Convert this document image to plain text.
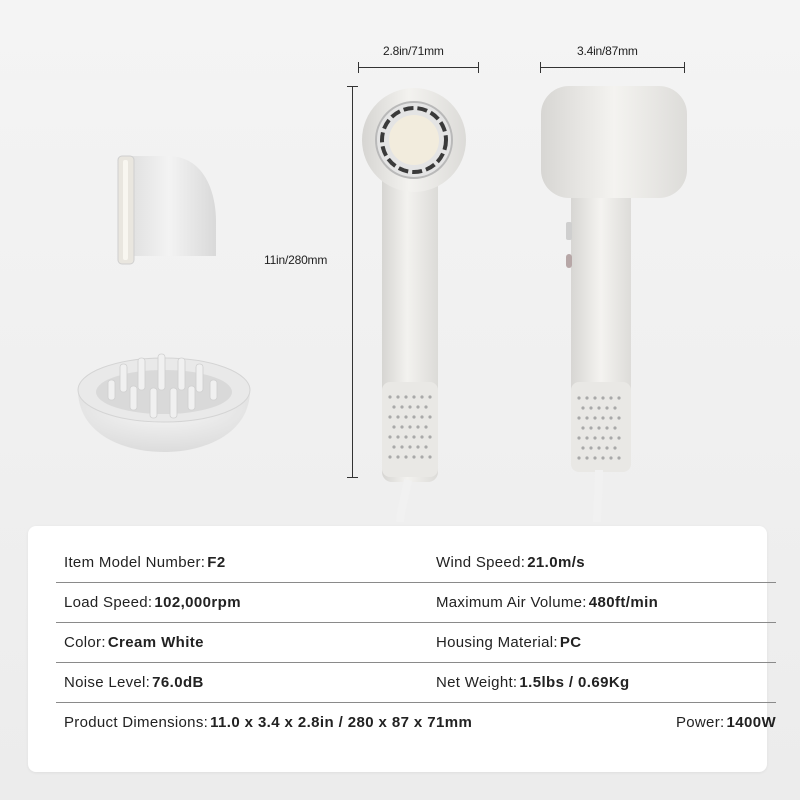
2.8in/71mm	3.4in/87mm
11in/280mm
Item Model Number: F2	Wind Speed: 21.0m/s
Load Speed: 102,000rpm	Maximum Air Volume: 480ft/min
Color: Cream White	Housing Material: PC
Noise Level: 76.0dB	Net Weight: 1.5lbs / 0.69Kg
Product Dimensions: 11.0 x 3.4 x 2.8in / 280 x 87 x 71mm	Power: 1400W
